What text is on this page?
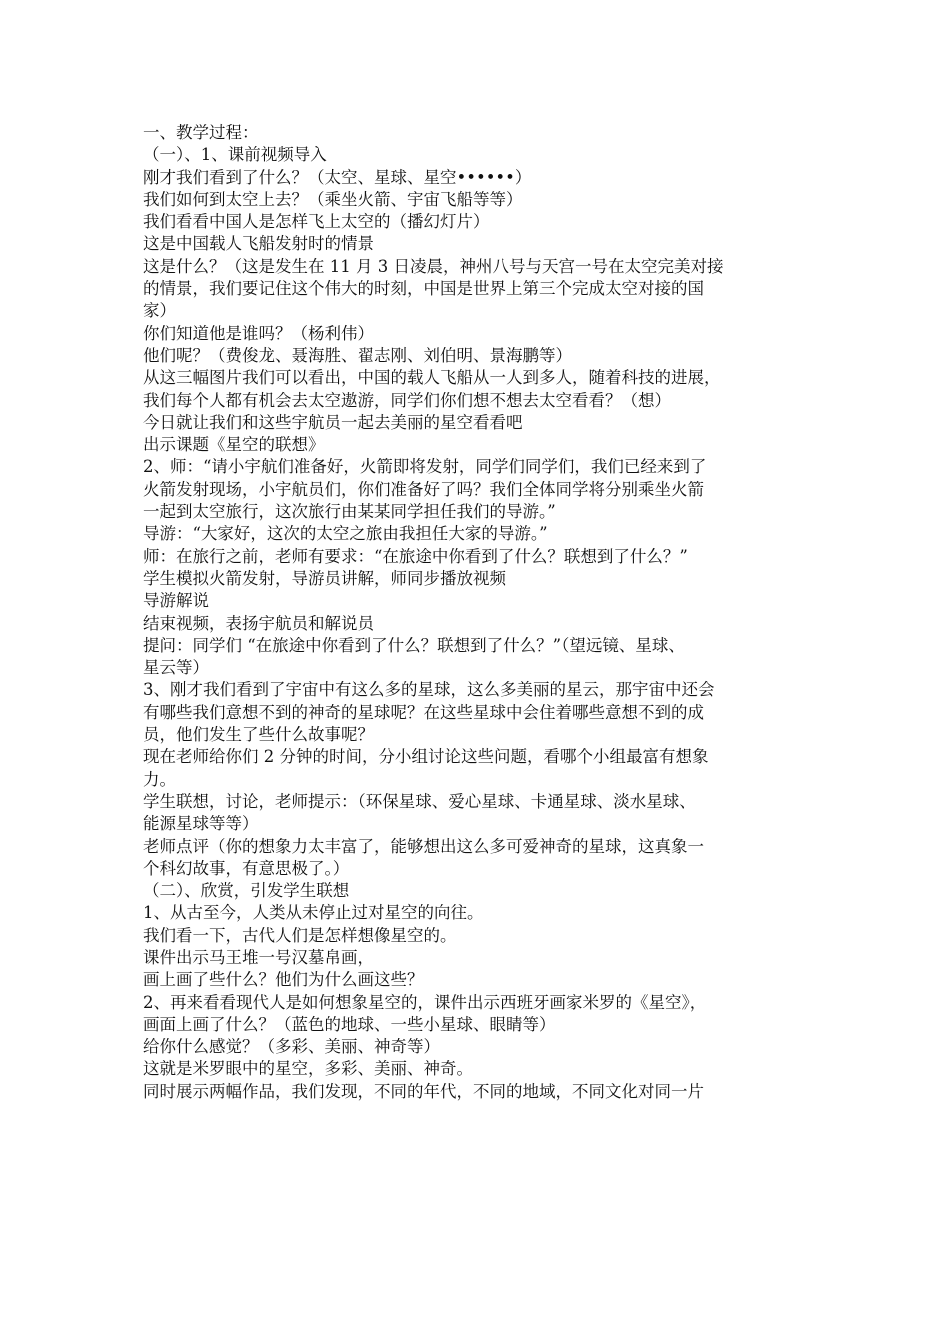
一、教学过程：

（一）、1、课前视频导入

刚才我们看到了什么？（太空、星球、星空••••••）

我们如何到太空上去？（乘坐火箭、宇宙飞船等等）

我们看看中国人是怎样飞上太空的（播幻灯片）

这是中国载人飞船发射时的情景

这是什么？（这是发生在 11 月 3 日凌晨，神州八号与天宫一号在太空完美对接

的情景，我们要记住这个伟大的时刻，中国是世界上第三个完成太空对接的国

家）

你们知道他是谁吗？（杨利伟）

他们呢？（费俊龙、聂海胜、翟志刚、刘伯明、景海鹏等）

从这三幅图片我们可以看出，中国的载人飞船从一人到多人，随着科技的进展，

我们每个人都有机会去太空遨游，同学们你们想不想去太空看看？（想）

今日就让我们和这些宇航员一起去美丽的星空看看吧

出示课题《星空的联想》

2、师：“请小宇航们准备好，火箭即将发射，同学们同学们，我们已经来到了

火箭发射现场，小宇航员们，你们准备好了吗？我们全体同学将分别乘坐火箭

一起到太空旅行，这次旅行由某某同学担任我们的导游。”

导游：“大家好，这次的太空之旅由我担任大家的导游。”

师：在旅行之前，老师有要求：“在旅途中你看到了什么？联想到了什么？”

学生模拟火箭发射，导游员讲解，师同步播放视频

导游解说

结束视频，表扬宇航员和解说员

提问：同学们 “在旅途中你看到了什么？联想到了什么？”（望远镜、星球、

星云等）

3、刚才我们看到了宇宙中有这么多的星球，这么多美丽的星云，那宇宙中还会

有哪些我们意想不到的神奇的星球呢？在这些星球中会住着哪些意想不到的成

员，他们发生了些什么故事呢？

现在老师给你们 2 分钟的时间，分小组讨论这些问题，看哪个小组最富有想象

力。

学生联想，讨论，老师提示：（环保星球、爱心星球、卡通星球、淡水星球、

能源星球等等）

老师点评（你的想象力太丰富了，能够想出这么多可爱神奇的星球，这真象一

个科幻故事，有意思极了。）

（二）、欣赏，引发学生联想

1、从古至今，人类从未停止过对星空的向往。

我们看一下，古代人们是怎样想像星空的。

课件出示马王堆一号汉墓帛画，

画上画了些什么？他们为什么画这些？

2、再来看看现代人是如何想象星空的，课件出示西班牙画家米罗的《星空》，

画面上画了什么？（蓝色的地球、一些小星球、眼睛等）

给你什么感觉？（多彩、美丽、神奇等）

这就是米罗眼中的星空，多彩、美丽、神奇。

同时展示两幅作品，我们发现，不同的年代，不同的地域，不同文化对同一片
